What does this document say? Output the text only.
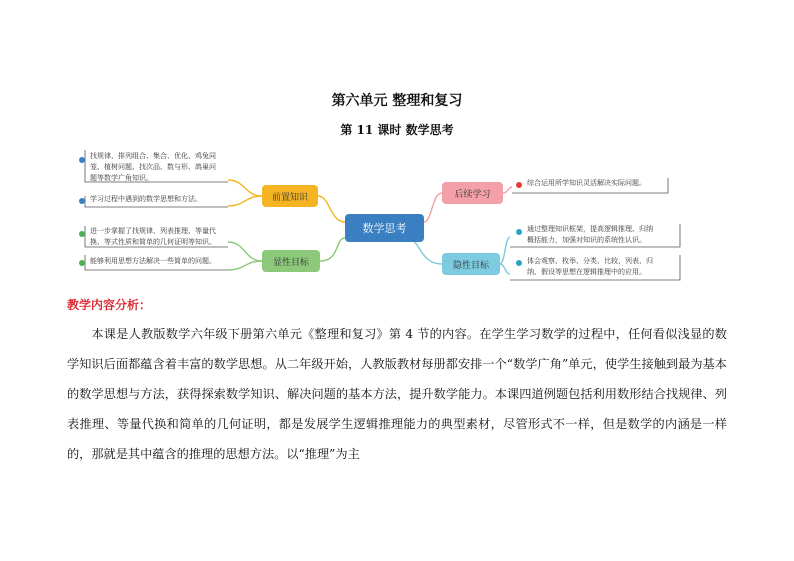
第六单元 整理和复习
第 11 课时 数学思考
找规律、排列组合、集合、优化、鸡兔同
笼、植树问题、找次品、数与形、鸽巢问
题等数学广角知识。
学习过程中遇到的数学思想和方法。
进一步掌握了找规律、列表推理、等量代
换、等式性质和简单的几何证明等知识。
能够利用思想方法解决一些简单的问题。
前置知识
显性目标
后续学习
隐性目标
数学思考
综合运用所学知识灵活解决实际问题。
通过整理知识框架，提高逻辑推理、归纳
概括能力，加强对知识的系统性认识。
体会观察、枚举、分类、比较、列表、归
纳、假设等思想在逻辑推理中的应用。
教学内容分析：
本课是人教版数学六年级下册第六单元《整理和复习》第 4 节的内容。在学生学习数学的过程中，任何看似浅显的数学知识后面都蕴含着丰富的数学思想。从二年级开始，人教版教材每册都安排一个“数学广角”单元，使学生接触到最为基本的数学思想与方法，获得探索数学知识、解决问题的基本方法，提升数学能力。本课四道例题包括利用数形结合找规律、列表推理、等量代换和简单的几何证明，都是发展学生逻辑推理能力的典型素材，尽管形式不一样，但是数学的内涵是一样的，那就是其中蕴含的推理的思想方法。以“推理”为主
